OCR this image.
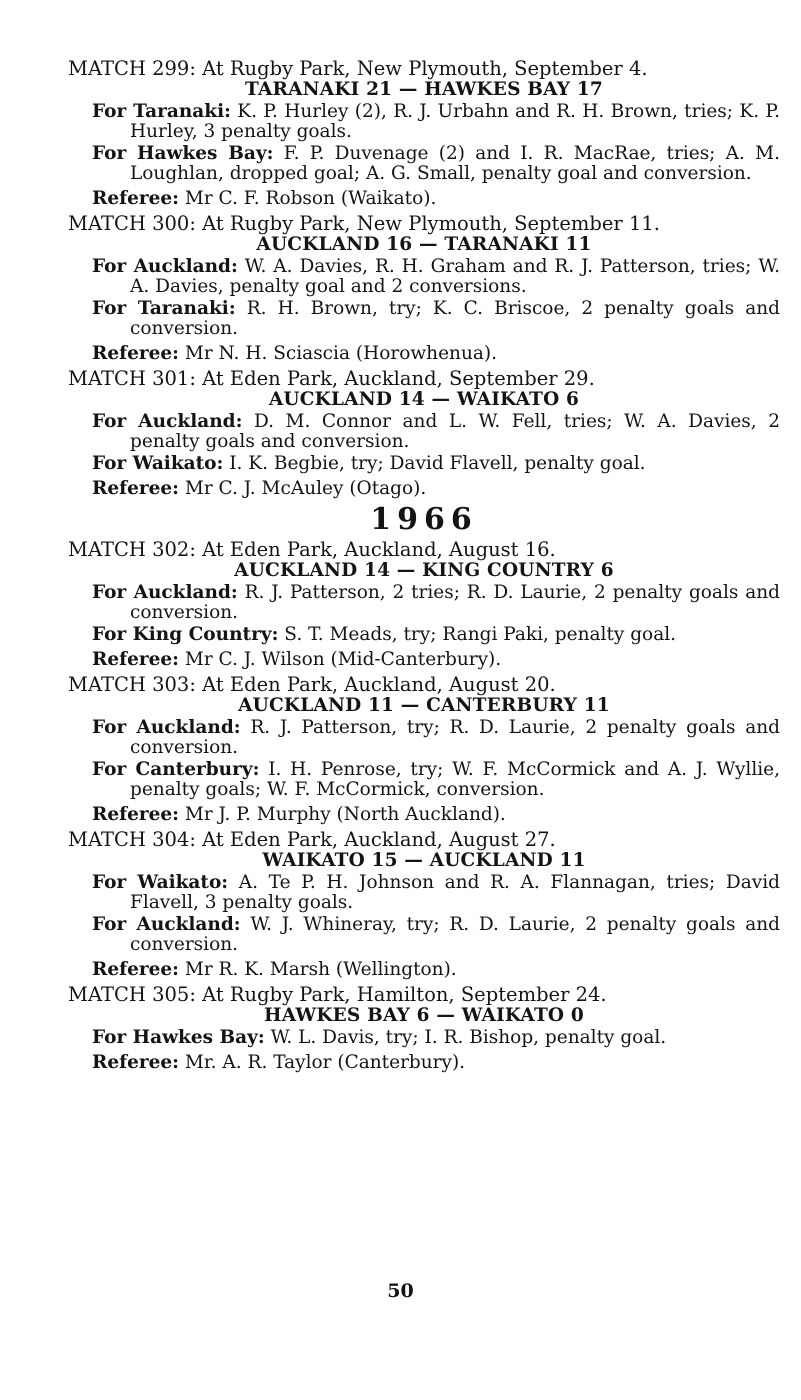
MATCH 299: At Rugby Park, New Plymouth, September 4.

TARANAKI 21 — HAWKES BAY 17

For Taranaki: K. P. Hurley (2), R. J. Urbahn and R. H. Brown, tries; K. P. Hurley, 3 penalty goals.

For Hawkes Bay: F. P. Duvenage (2) and I. R. MacRae, tries; A. M. Loughlan, dropped goal; A. G. Small, penalty goal and conversion.

Referee: Mr C. F. Robson (Waikato).

MATCH 300: At Rugby Park, New Plymouth, September 11.

AUCKLAND 16 — TARANAKI 11

For Auckland: W. A. Davies, R. H. Graham and R. J. Patterson, tries; W. A. Davies, penalty goal and 2 conversions.

For Taranaki: R. H. Brown, try; K. C. Briscoe, 2 penalty goals and conversion.

Referee: Mr N. H. Sciascia (Horowhenua).

MATCH 301: At Eden Park, Auckland, September 29.

AUCKLAND 14 — WAIKATO 6

For Auckland: D. M. Connor and L. W. Fell, tries; W. A. Davies, 2 penalty goals and conversion.

For Waikato: I. K. Begbie, try; David Flavell, penalty goal.

Referee: Mr C. J. McAuley (Otago).

1966

MATCH 302: At Eden Park, Auckland, August 16.

AUCKLAND 14 — KING COUNTRY 6

For Auckland: R. J. Patterson, 2 tries; R. D. Laurie, 2 penalty goals and conversion.

For King Country: S. T. Meads, try; Rangi Paki, penalty goal.

Referee: Mr C. J. Wilson (Mid-Canterbury).

MATCH 303: At Eden Park, Auckland, August 20.

AUCKLAND 11 — CANTERBURY 11

For Auckland: R. J. Patterson, try; R. D. Laurie, 2 penalty goals and conversion.

For Canterbury: I. H. Penrose, try; W. F. McCormick and A. J. Wyllie, penalty goals; W. F. McCormick, conversion.

Referee: Mr J. P. Murphy (North Auckland).

MATCH 304: At Eden Park, Auckland, August 27.

WAIKATO 15 — AUCKLAND 11

For Waikato: A. Te P. H. Johnson and R. A. Flannagan, tries; David Flavell, 3 penalty goals.

For Auckland: W. J. Whineray, try; R. D. Laurie, 2 penalty goals and conversion.

Referee: Mr R. K. Marsh (Wellington).

MATCH 305: At Rugby Park, Hamilton, September 24.

HAWKES BAY 6 — WAIKATO 0

For Hawkes Bay: W. L. Davis, try; I. R. Bishop, penalty goal.

Referee: Mr. A. R. Taylor (Canterbury).

50
